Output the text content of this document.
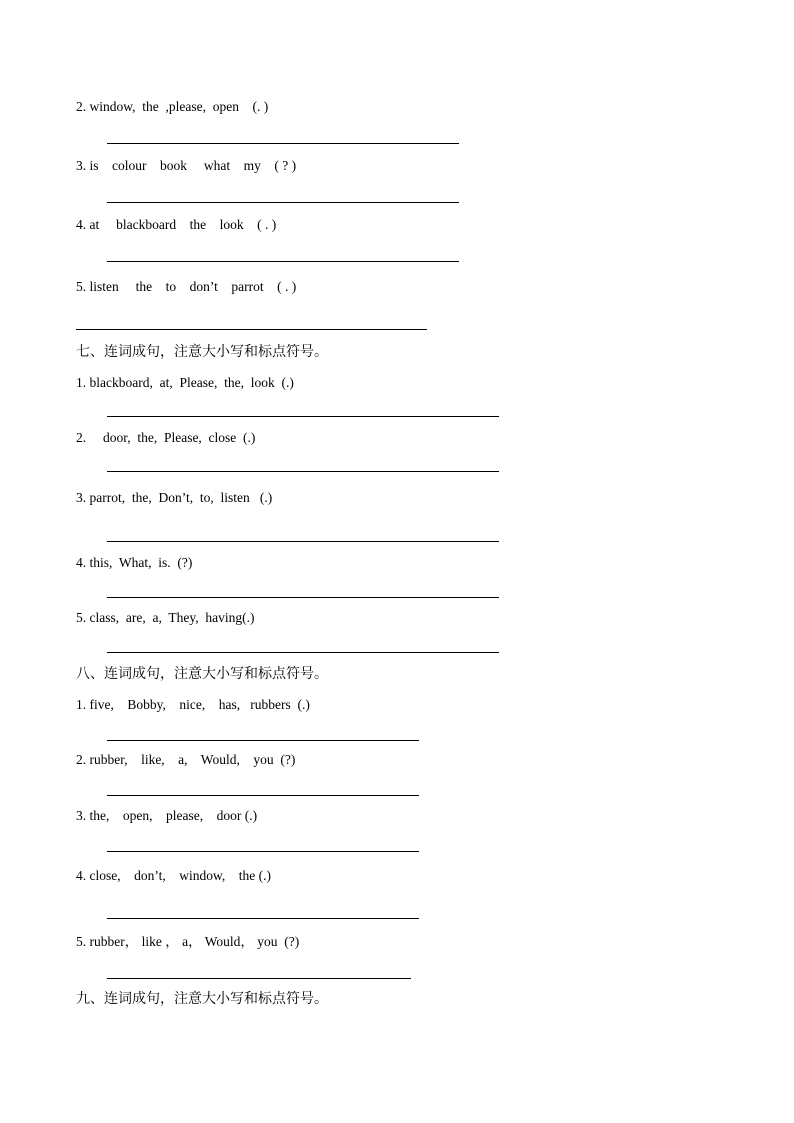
2. window,  the  ,please,  open    (. )
3. is    colour    book     what    my    ( ? )
4. at     blackboard    the    look    ( . )
5. listen     the    to    don’t    parrot    ( . )
七、连词成句，注意大小写和标点符号。
1. blackboard,  at,  Please,  the,  look  (.)
2.     door,  the,  Please,  close  (.)
3. parrot,  the,  Don’t,  to,  listen   (.)
4. this,  What,  is.  (?)
5. class,  are,  a,  They,  having(.)
八、连词成句，注意大小写和标点符号。
1. five,    Bobby,    nice,    has,   rubbers  (.)
2. rubber,    like,    a,    Would,    you  (?)
3. the,    open,    please,    door (.)
4. close,    don’t,    window,    the (.)
5. rubber， like ， a， Would， you  (?)
九、连词成句，注意大小写和标点符号。
